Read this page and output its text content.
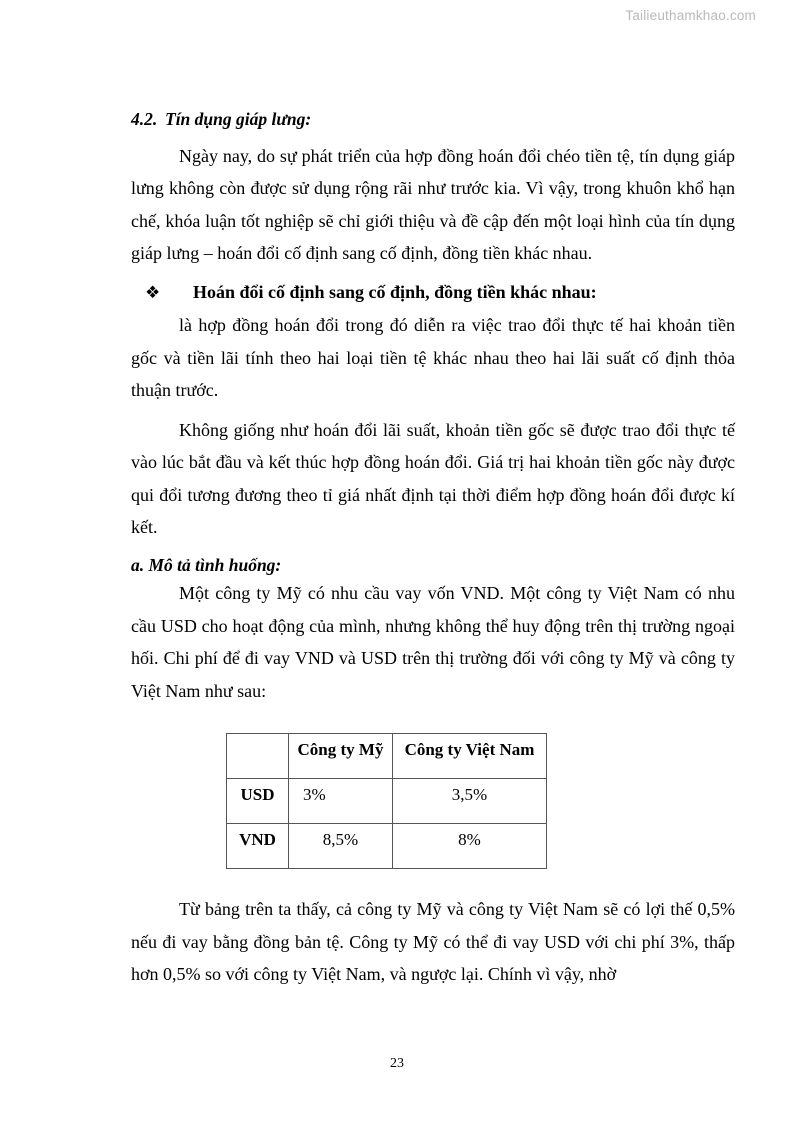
Tailieuthamkhao.com
4.2. Tín dụng giáp lưng:

Ngày nay, do sự phát triển của hợp đồng hoán đổi chéo tiền tệ, tín dụng giáp lưng không còn được sử dụng rộng rãi như trước kia. Vì vậy, trong khuôn khổ hạn chế, khóa luận tốt nghiệp sẽ chỉ giới thiệu và đề cập đến một loại hình của tín dụng giáp lưng – hoán đổi cố định sang cố định, đồng tiền khác nhau.

❖ Hoán đổi cố định sang cố định, đồng tiền khác nhau:

là hợp đồng hoán đổi trong đó diễn ra việc trao đổi thực tế hai khoản tiền gốc và tiền lãi tính theo hai loại tiền tệ khác nhau theo hai lãi suất cố định thỏa thuận trước.

Không giống như hoán đổi lãi suất, khoản tiền gốc sẽ được trao đổi thực tế vào lúc bắt đầu và kết thúc hợp đồng hoán đổi. Giá trị hai khoản tiền gốc này được qui đổi tương đương theo tỉ giá nhất định tại thời điểm hợp đồng hoán đổi được kí kết.

a. Mô tả tình huống:

Một công ty Mỹ có nhu cầu vay vốn VND. Một công ty Việt Nam có nhu cầu USD cho hoạt động của mình, nhưng không thể huy động trên thị trường ngoại hối. Chi phí để đi vay VND và USD trên thị trường đối với công ty Mỹ và công ty Việt Nam như sau:

	Công ty Mỹ	Công ty Việt Nam
USD	3%	3,5%
VND	8,5%	8%

Từ bảng trên ta thấy, cả công ty Mỹ và công ty Việt Nam sẽ có lợi thế 0,5% nếu đi vay bằng đồng bản tệ. Công ty Mỹ có thể đi vay USD với chi phí 3%, thấp hơn 0,5% so với công ty Việt Nam, và ngược lại. Chính vì vậy, nhờ

23
